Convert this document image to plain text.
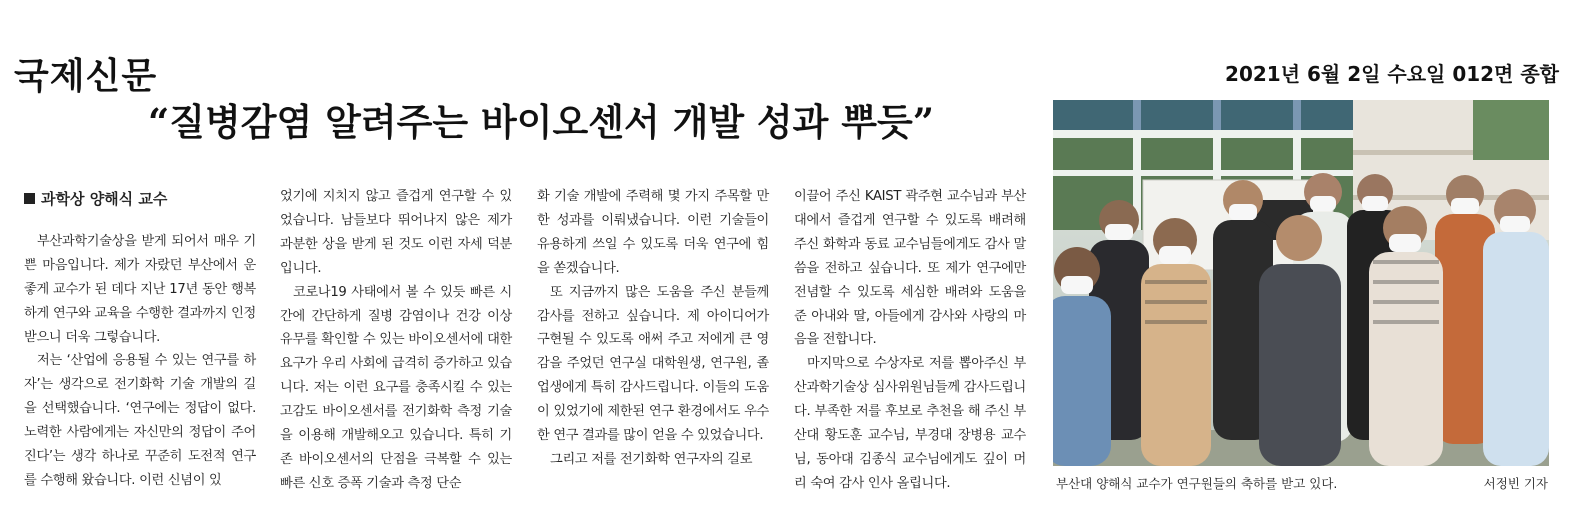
국제신문	2021년 6월 2일 수요일 012면 종합
“질병감염 알려주는 바이오센서 개발 성과 뿌듯”

과학상 양해식 교수

부산과학기술상을 받게 되어서 매우 기쁜 마음입니다. 제가 자랐던 부산에서 운 좋게 교수가 된 데다 지난 17년 동안 행복하게 연구와 교육을 수행한 결과까지 인정받으니 더욱 그렇습니다.

저는 ‘산업에 응용될 수 있는 연구를 하자’는 생각으로 전기화학 기술 개발의 길을 선택했습니다. ‘연구에는 정답이 없다. 노력한 사람에게는 자신만의 정답이 주어진다’는 생각 하나로 꾸준히 도전적 연구를 수행해 왔습니다. 이런 신념이 있

었기에 지치지 않고 즐겁게 연구할 수 있었습니다. 남들보다 뛰어나지 않은 제가 과분한 상을 받게 된 것도 이런 자세 덕분입니다.

코로나19 사태에서 볼 수 있듯 빠른 시간에 간단하게 질병 감염이나 건강 이상 유무를 확인할 수 있는 바이오센서에 대한 요구가 우리 사회에 급격히 증가하고 있습니다. 저는 이런 요구를 충족시킬 수 있는 고감도 바이오센서를 전기화학 측정 기술을 이용해 개발해오고 있습니다. 특히 기존 바이오센서의 단점을 극복할 수 있는 빠른 신호 증폭 기술과 측정 단순

화 기술 개발에 주력해 몇 가지 주목할 만한 성과를 이뤄냈습니다. 이런 기술들이 유용하게 쓰일 수 있도록 더욱 연구에 힘을 쏟겠습니다.

또 지금까지 많은 도움을 주신 분들께 감사를 전하고 싶습니다. 제 아이디어가 구현될 수 있도록 애써 주고 저에게 큰 영감을 주었던 연구실 대학원생, 연구원, 졸업생에게 특히 감사드립니다. 이들의 도움이 있었기에 제한된 연구 환경에서도 우수한 연구 결과를 많이 얻을 수 있었습니다.

그리고 저를 전기화학 연구자의 길로

이끌어 주신 KAIST 곽주현 교수님과 부산대에서 즐겁게 연구할 수 있도록 배려해 주신 화학과 동료 교수님들에게도 감사 말씀을 전하고 싶습니다. 또 제가 연구에만 전념할 수 있도록 세심한 배려와 도움을 준 아내와 딸, 아들에게 감사와 사랑의 마음을 전합니다.

마지막으로 수상자로 저를 뽑아주신 부산과학기술상 심사위원님들께 감사드립니다. 부족한 저를 후보로 추천을 해 주신 부산대 황도훈 교수님, 부경대 장병용 교수님, 동아대 김종식 교수님에게도 깊이 머리 숙여 감사 인사 올립니다.	부산대 양해식 교수가 연구원들의 축하를 받고 있다.	서정빈 기자
